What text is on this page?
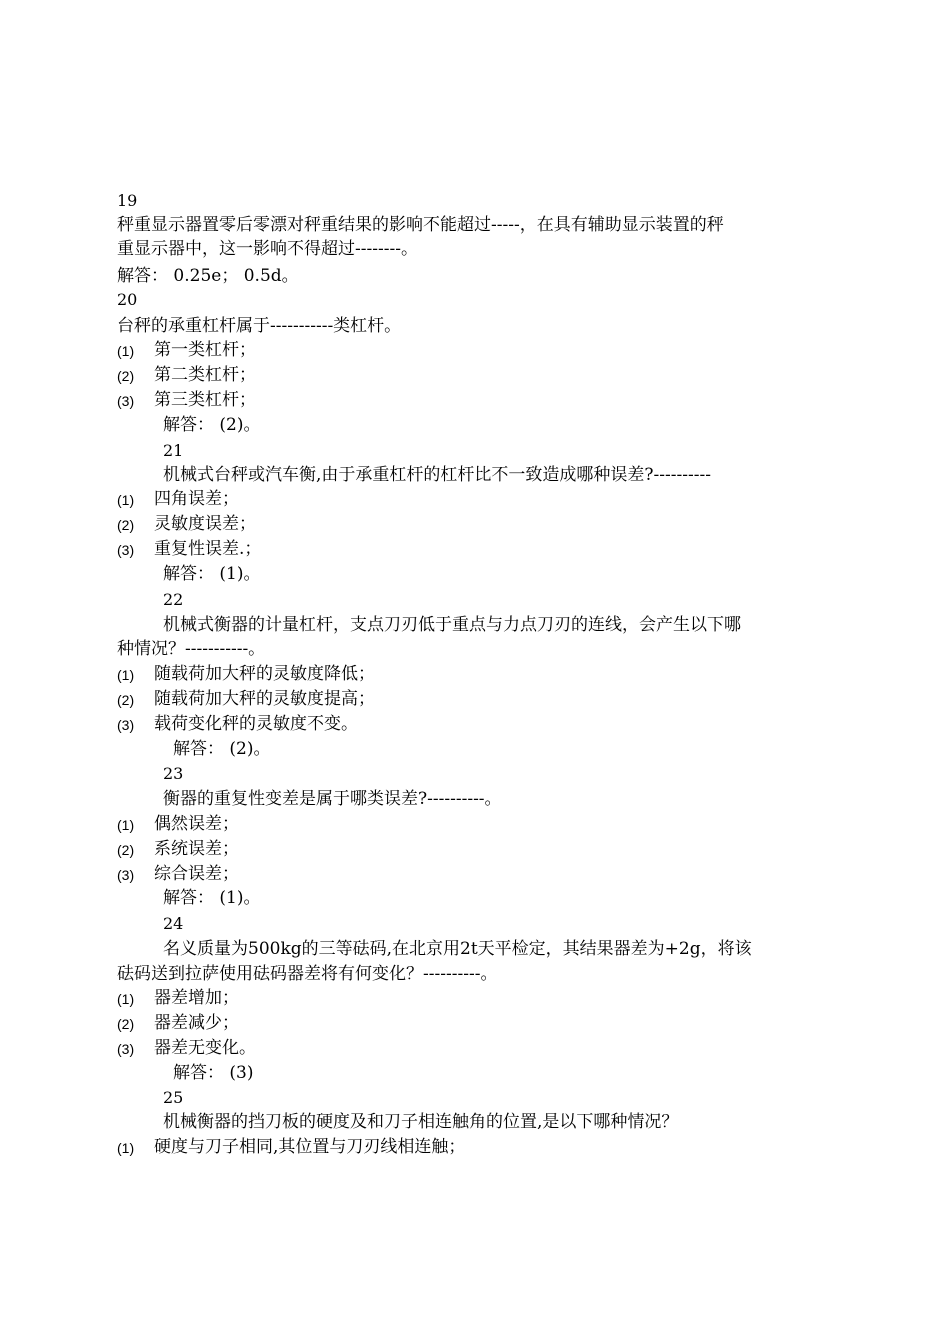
19
秤重显示器置零后零漂对秤重结果的影响不能超过-----，在具有辅助显示装置的秤
重显示器中，这一影响不得超过--------。
解答： 0.25e； 0.5d。
20
台秤的承重杠杆属于-----------类杠杆。
(1) 第一类杠杆；
(2) 第二类杠杆；
(3) 第三类杠杆；
解答： (2)。
21
机械式台秤或汽车衡,由于承重杠杆的杠杆比不一致造成哪种误差?----------
(1) 四角误差；
(2) 灵敏度误差；
(3) 重复性误差.；
解答： (1)。
22
机械式衡器的计量杠杆，支点刀刃低于重点与力点刀刃的连线，会产生以下哪
种情况？-----------。
(1) 随载荷加大秤的灵敏度降低；
(2) 随载荷加大秤的灵敏度提高；
(3) 载荷变化秤的灵敏度不变。
解答： (2)。
23
衡器的重复性变差是属于哪类误差?----------。
(1) 偶然误差；
(2) 系统误差；
(3) 综合误差；
解答： (1)。
24
名义质量为500kg的三等砝码,在北京用2t天平检定，其结果器差为+2g，将该
砝码送到拉萨使用砝码器差将有何变化？----------。
(1) 器差增加；
(2) 器差减少；
(3) 器差无变化。
解答： (3)
25
机械衡器的挡刀板的硬度及和刀子相连触角的位置,是以下哪种情况？
(1) 硬度与刀子相同,其位置与刀刃线相连触；
